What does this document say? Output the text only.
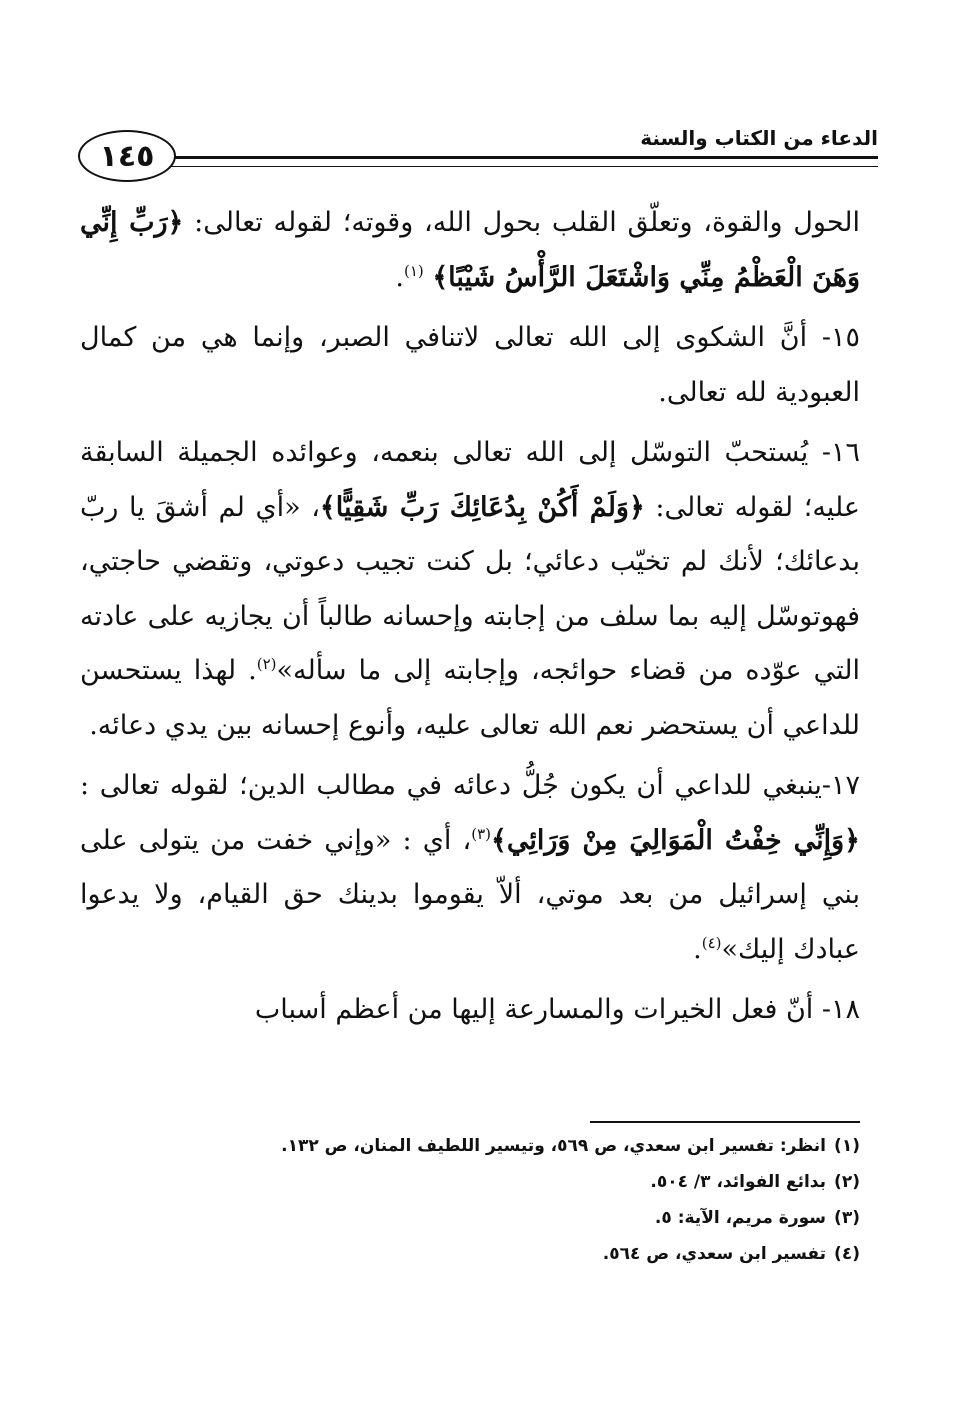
الدعاء من الكتاب والسنة
١٤٥

الحول والقوة، وتعلّق القلب بحول الله، وقوته؛ لقوله تعالى: ﴿رَبِّ إِنِّي وَهَنَ الْعَظْمُ مِنِّي وَاشْتَعَلَ الرَّأْسُ شَيْبًا﴾ $^{(١)}$.

١٥- أنَّ الشكوى إلى الله تعالى لاتنافي الصبر، وإنما هي من كمال العبودية لله تعالى.

١٦- يُستحبّ التوسّل إلى الله تعالى بنعمه، وعوائده الجميلة السابقة عليه؛ لقوله تعالى: ﴿وَلَمْ أَكُنْ بِدُعَائِكَ رَبِّ شَقِيًّا﴾، «أي لم أشقَ يا ربّ بدعائك؛ لأنك لم تخيّب دعائي؛ بل كنت تجيب دعوتي، وتقضي حاجتي، فهوتوسّل إليه بما سلف من إجابته وإحسانه طالباً أن يجازيه على عادته التي عوّده من قضاء حوائجه، وإجابته إلى ما سأله»$^{(٢)}$. لهذا يستحسن للداعي أن يستحضر نعم الله تعالى عليه، وأنوع إحسانه بين يدي دعائه.

١٧-ينبغي للداعي أن يكون جُلُّ دعائه في مطالب الدين؛ لقوله تعالى : ﴿وَإِنِّي خِفْتُ الْمَوَالِيَ مِنْ وَرَائِي﴾$^{(٣)}$، أي : «وإني خفت من يتولى على بني إسرائيل من بعد موتي، ألاّ يقوموا بدينك حق القيام، ولا يدعوا عبادك إليك»$^{(٤)}$.

١٨- أنّ فعل الخيرات والمسارعة إليها من أعظم أسباب

(١)انظر: تفسير ابن سعدي، ص ٥٦٩، وتيسير اللطيف المنان، ص ١٣٢.
(٢)بدائع الفوائد، ٣/ ٥٠٤.
(٣)سورة مريم، الآية: ٥.
(٤)تفسير ابن سعدي، ص ٥٦٤.
